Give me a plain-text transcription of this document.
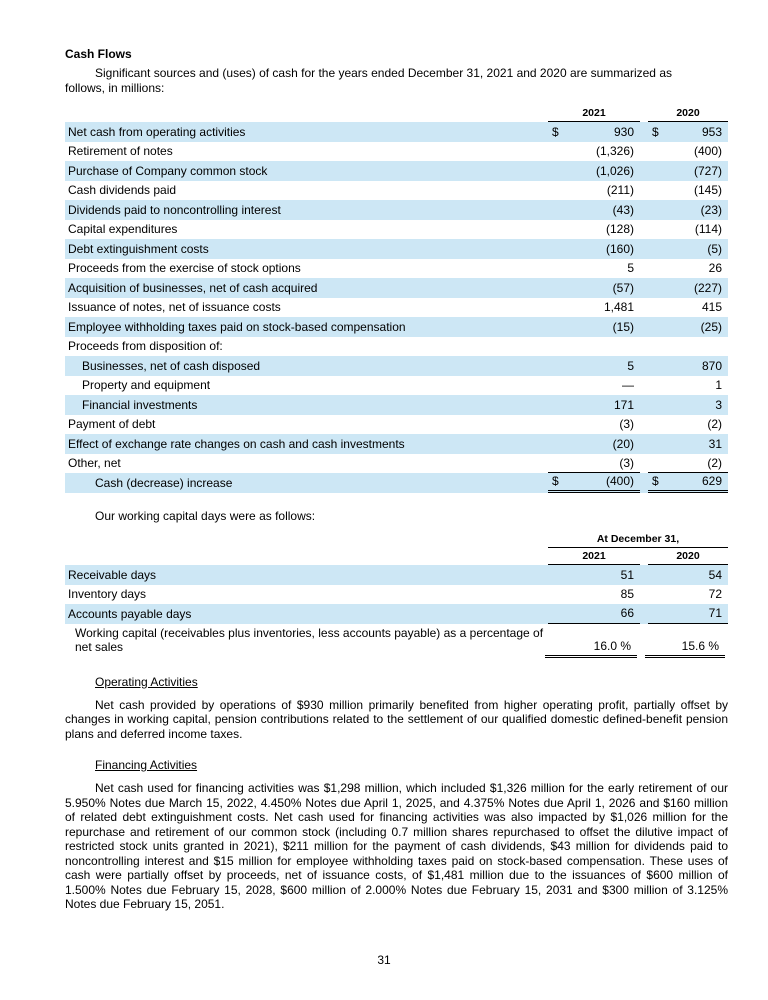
Cash Flows

Significant sources and (uses) of cash for the years ended December 31, 2021 and 2020 are summarized as follows, in millions:

2021	2020
Net cash from operating activities	$	930 $	953
Retirement of notes	(1,326)	(400)
Purchase of Company common stock	(1,026)	(727)
Cash dividends paid	(211)	(145)
Dividends paid to noncontrolling interest	(43)	(23)
Capital expenditures	(128)	(114)
Debt extinguishment costs	(160)	(5)
Proceeds from the exercise of stock options	5	26
Acquisition of businesses, net of cash acquired	(57)	(227)
Issuance of notes, net of issuance costs	1,481	415
Employee withholding taxes paid on stock-based compensation	(15)	(25)
Proceeds from disposition of:
Businesses, net of cash disposed	5	870
Property and equipment	—	1
Financial investments	171	3
Payment of debt	(3)	(2)
Effect of exchange rate changes on cash and cash investments	(20)	31
Other, net	(3)	(2)
Cash (decrease) increase	$	(400) $	629

Our working capital days were as follows:

At December 31,
2021	2020
Receivable days	51	54
Inventory days	85	72
Accounts payable days	66	71
Working capital (receivables plus inventories, less accounts payable) as a percentage of net sales	16.0 %	15.6 %
Operating Activities

Net cash provided by operations of $930 million primarily benefited from higher operating profit, partially offset by changes in working capital, pension contributions related to the settlement of our qualified domestic defined-benefit pension plans and deferred income taxes.

Financing Activities

Net cash used for financing activities was $1,298 million, which included $1,326 million for the early retirement of our 5.950% Notes due March 15, 2022, 4.450% Notes due April 1, 2025, and 4.375% Notes due April 1, 2026 and $160 million of related debt extinguishment costs. Net cash used for financing activities was also impacted by $1,026 million for the repurchase and retirement of our common stock (including 0.7 million shares repurchased to offset the dilutive impact of restricted stock units granted in 2021), $211 million for the payment of cash dividends, $43 million for dividends paid to noncontrolling interest and $15 million for employee withholding taxes paid on stock-based compensation. These uses of cash were partially offset by proceeds, net of issuance costs, of $1,481 million due to the issuances of $600 million of 1.500% Notes due February 15, 2028, $600 million of 2.000% Notes due February 15, 2031 and $300 million of 3.125% Notes due February 15, 2051.

31
